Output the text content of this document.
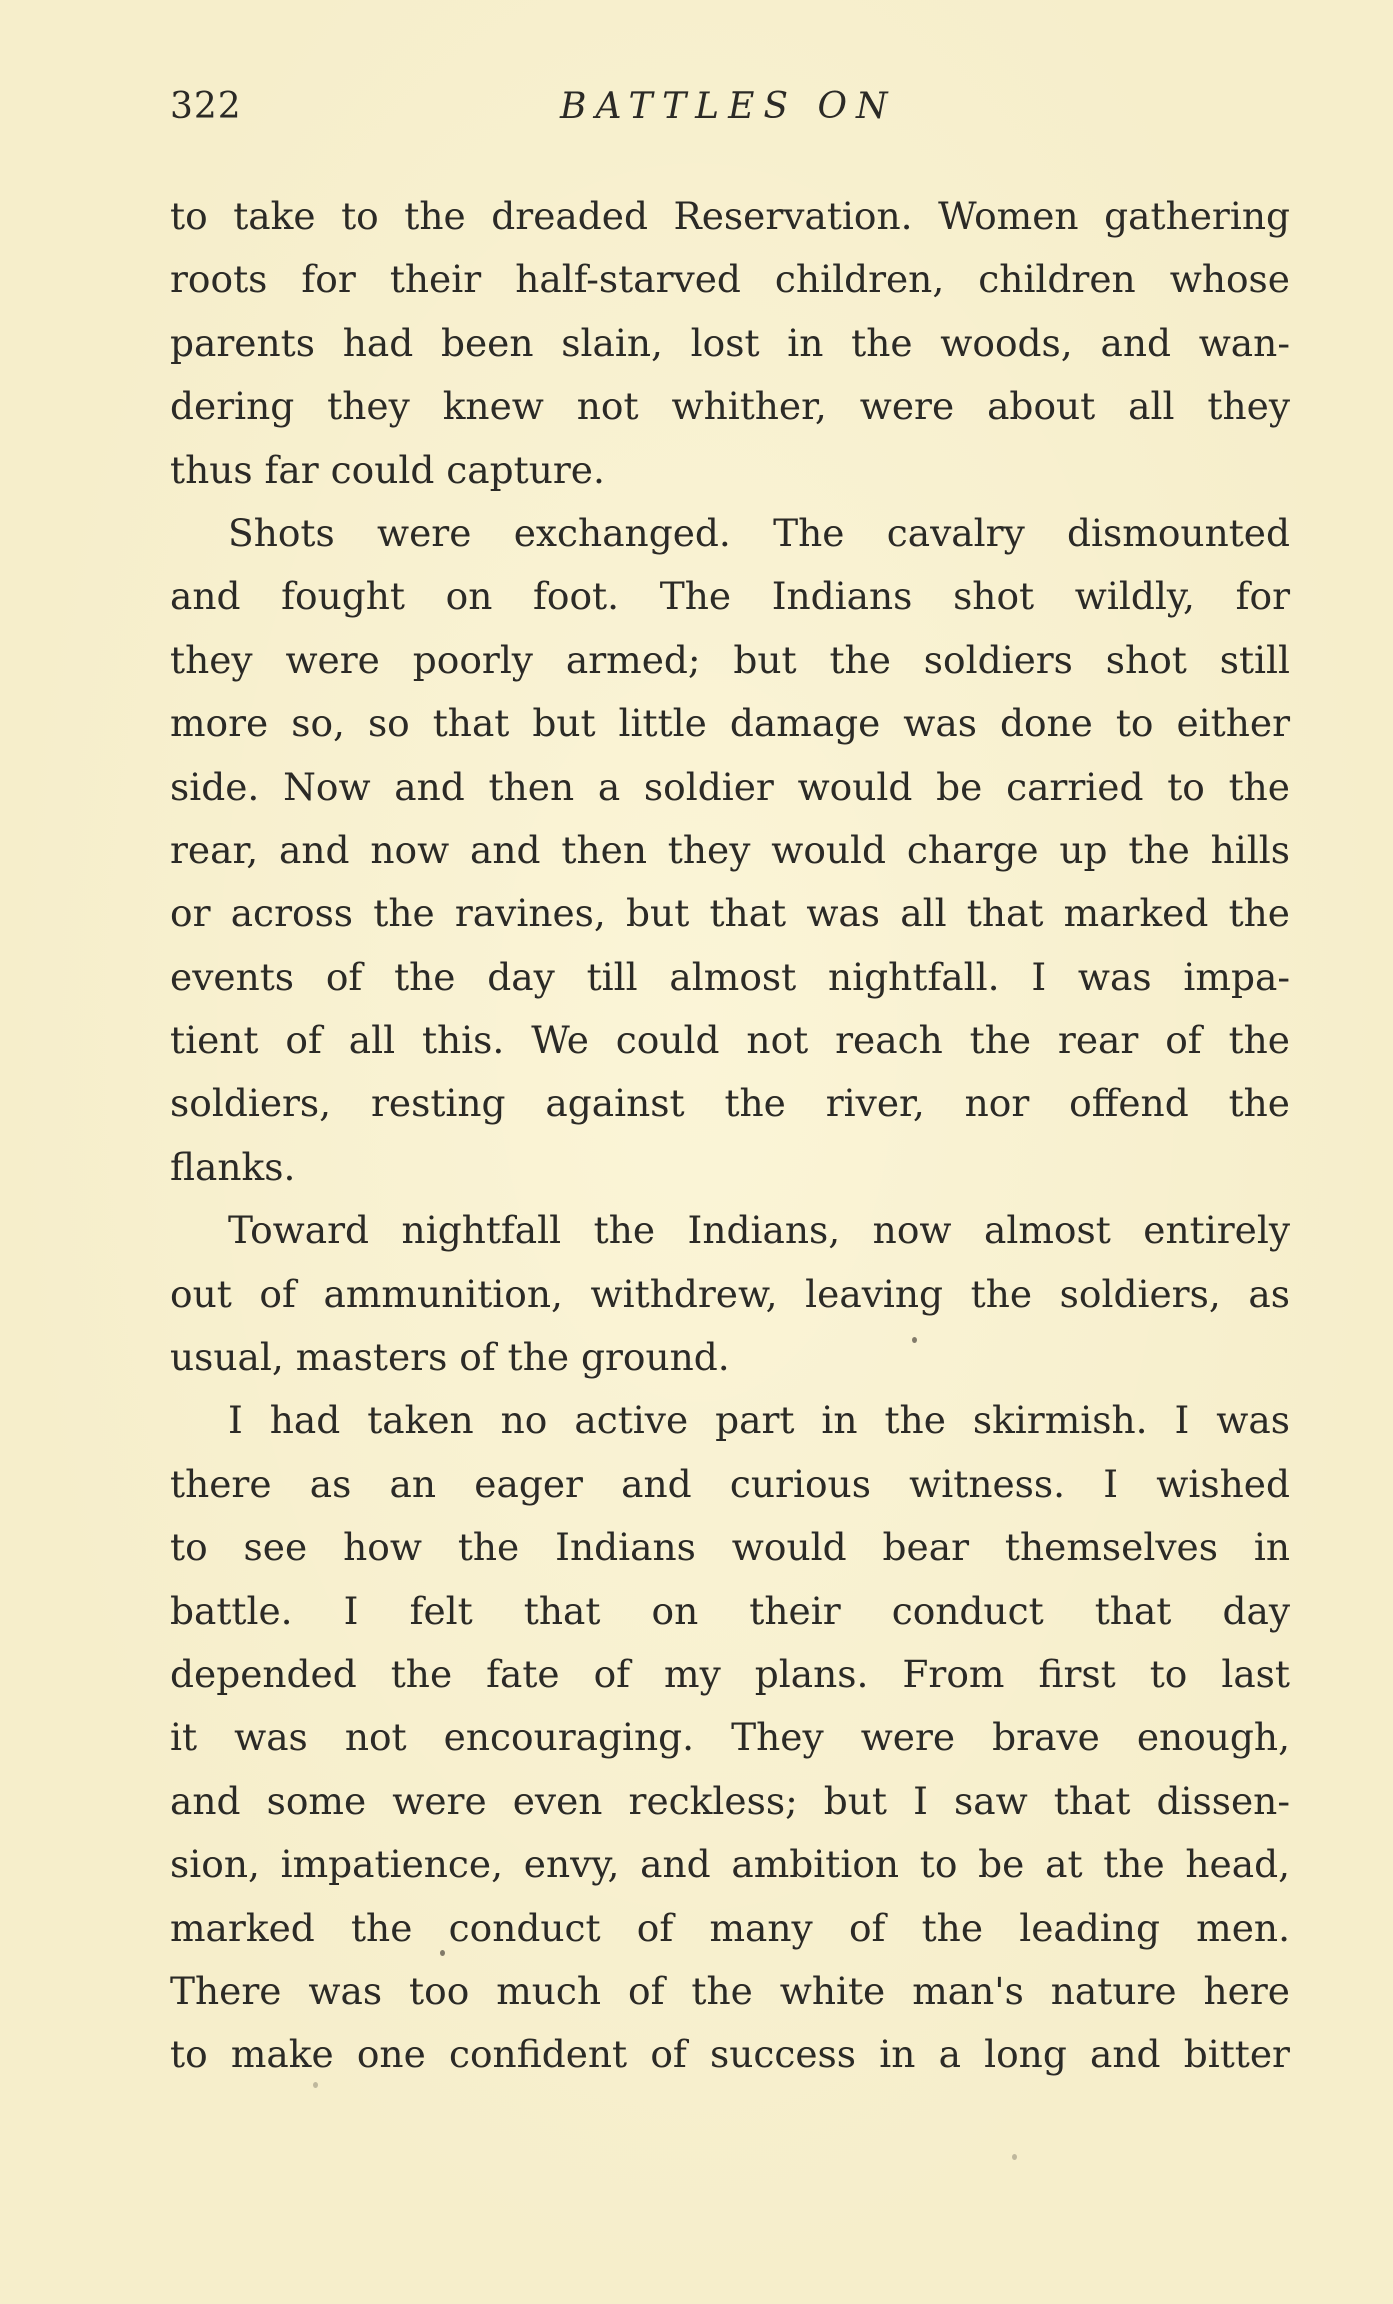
322	BATTLES ON
to take to the dreaded Reservation. Women gathering
roots for their half-starved children, children whose
parents had been slain, lost in the woods, and wan-
dering they knew not whither, were about all they
thus far could capture.
Shots were exchanged. The cavalry dismounted
and fought on foot. The Indians shot wildly, for
they were poorly armed; but the soldiers shot still
more so, so that but little damage was done to either
side. Now and then a soldier would be carried to the
rear, and now and then they would charge up the hills
or across the ravines, but that was all that marked the
events of the day till almost nightfall. I was impa-
tient of all this. We could not reach the rear of the
soldiers, resting against the river, nor offend the
flanks.
Toward nightfall the Indians, now almost entirely
out of ammunition, withdrew, leaving the soldiers, as
usual, masters of the ground.
I had taken no active part in the skirmish. I was
there as an eager and curious witness. I wished
to see how the Indians would bear themselves in
battle. I felt that on their conduct that day
depended the fate of my plans. From first to last
it was not encouraging. They were brave enough,
and some were even reckless; but I saw that dissen-
sion, impatience, envy, and ambition to be at the head,
marked the conduct of many of the leading men.
There was too much of the white man's nature here
to make one confident of success in a long and bitter
